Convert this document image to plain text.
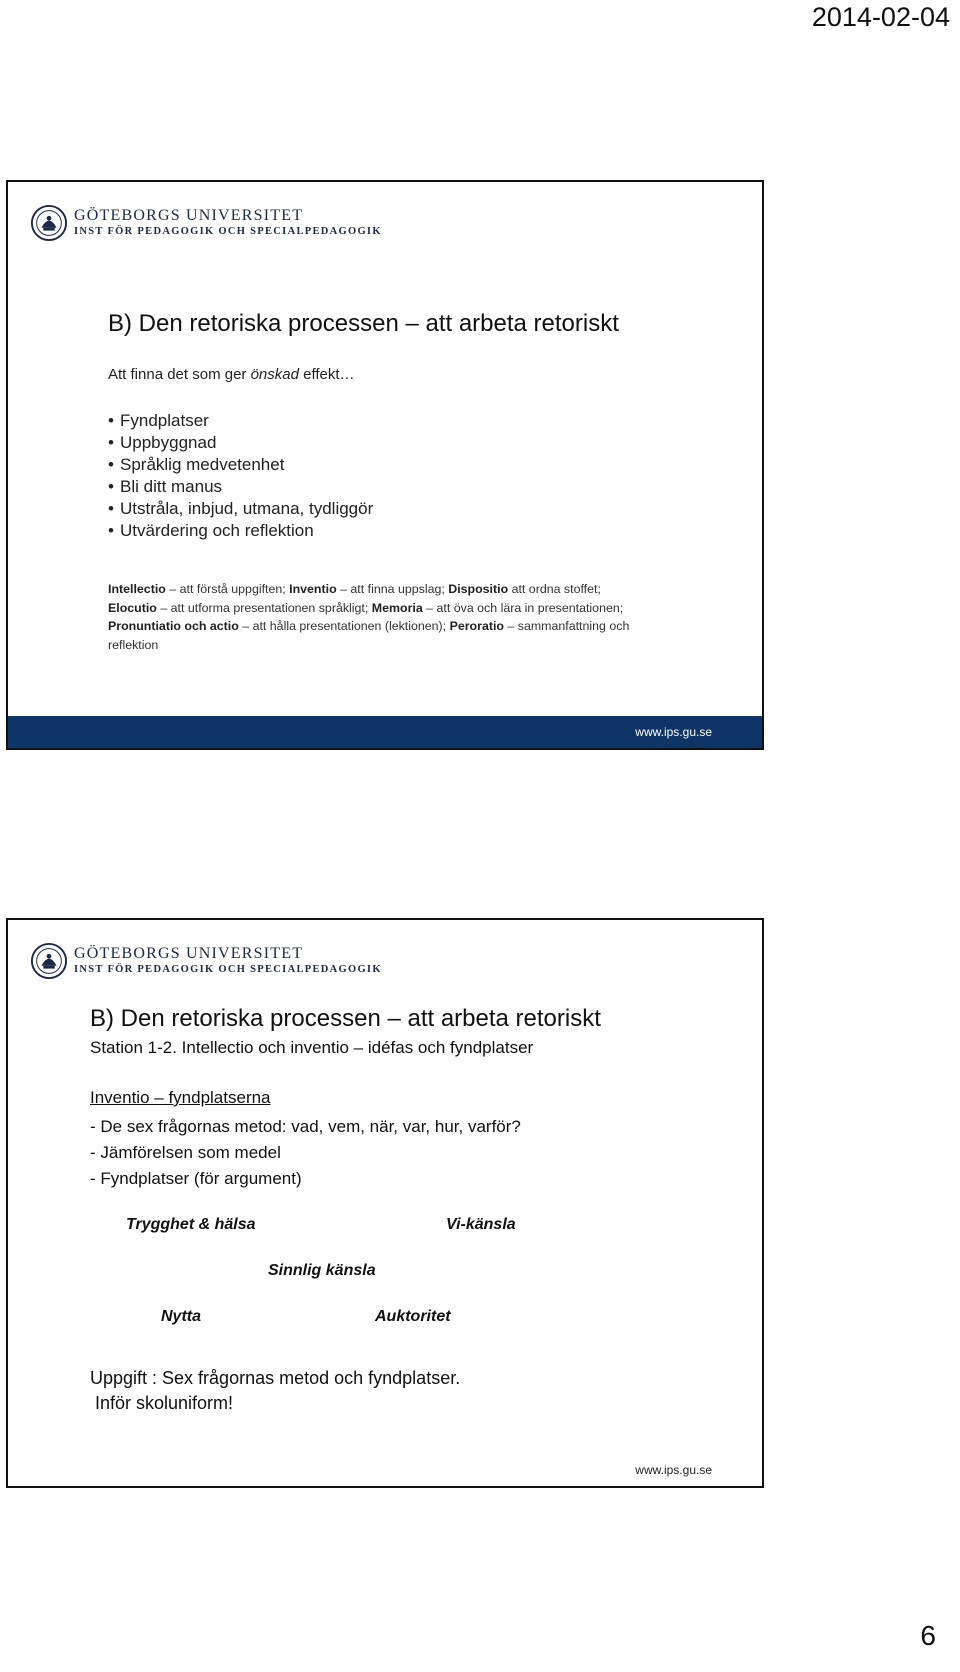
2014-02-04
GÖTEBORGS UNIVERSITET
INST FÖR PEDAGOGIK OCH SPECIALPEDAGOGIK
B) Den retoriska processen – att arbeta retoriskt
Att finna det som ger önskad effekt…
• Fyndplatser
• Uppbyggnad
• Språklig medvetenhet
• Bli ditt manus
• Utstråla, inbjud, utmana, tydliggör
• Utvärdering och reflektion
Intellectio – att förstå uppgiften; Inventio – att finna uppslag; Dispositio att ordna stoffet; Elocutio – att utforma presentationen språkligt; Memoria – att öva och lära in presentationen; Pronuntiatio och actio – att hålla presentationen (lektionen); Peroratio – sammanfattning och reflektion
www.ips.gu.se
GÖTEBORGS UNIVERSITET
INST FÖR PEDAGOGIK OCH SPECIALPEDAGOGIK
B) Den retoriska processen – att arbeta retoriskt
Station 1-2. Intellectio och inventio – idéfas och fyndplatser
Inventio – fyndplatserna
- De sex frågornas metod: vad, vem, när, var, hur, varför?
- Jämförelsen som medel
- Fyndplatser (för argument)
Trygghet & hälsa	Vi-känsla
Sinnlig känsla
Nytta	Auktoritet
Uppgift : Sex frågornas metod och fyndplatser.
Inför skoluniform!
www.ips.gu.se
6
